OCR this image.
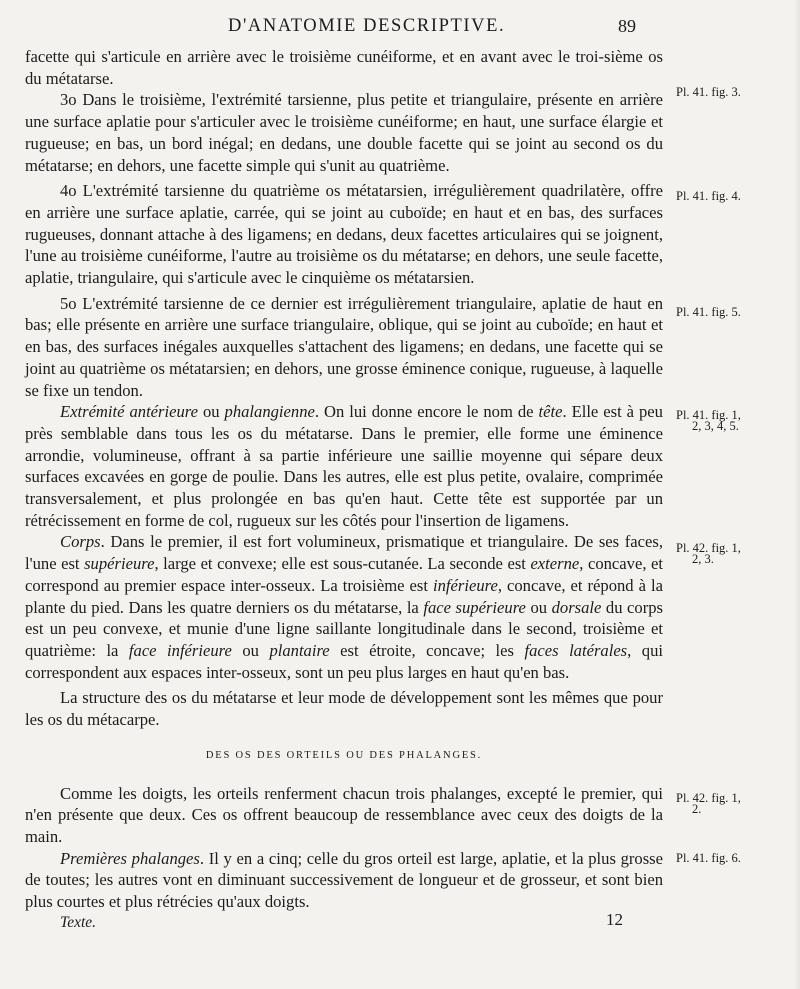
D'ANATOMIE DESCRIPTIVE.	89

facette qui s'articule en arrière avec le troisième cunéiforme, et en avant avec le troi-sième os du métatarse.

3o Dans le troisième, l'extrémité tarsienne, plus petite et triangulaire, présente en arrière une surface aplatie pour s'articuler avec le troisième cunéiforme; en haut, une surface élargie et rugueuse; en bas, un bord inégal; en dedans, une double facette qui se joint au second os du métatarse; en dehors, une facette simple qui s'unit au quatrième.

4o L'extrémité tarsienne du quatrième os métatarsien, irrégulièrement quadrilatère, offre en arrière une surface aplatie, carrée, qui se joint au cuboïde; en haut et en bas, des surfaces rugueuses, donnant attache à des ligamens; en dedans, deux facettes articulaires qui se joignent, l'une au troisième cunéiforme, l'autre au troisième os du métatarse; en dehors, une seule facette, aplatie, triangulaire, qui s'articule avec le cinquième os métatarsien.

5o L'extrémité tarsienne de ce dernier est irrégulièrement triangulaire, aplatie de haut en bas; elle présente en arrière une surface triangulaire, oblique, qui se joint au cuboïde; en haut et en bas, des surfaces inégales auxquelles s'attachent des ligamens; en dedans, une facette qui se joint au quatrième os métatarsien; en dehors, une grosse éminence conique, rugueuse, à laquelle se fixe un tendon.

Extrémité antérieure ou phalangienne. On lui donne encore le nom de tête. Elle est à peu près semblable dans tous les os du métatarse. Dans le premier, elle forme une éminence arrondie, volumineuse, offrant à sa partie inférieure une saillie moyenne qui sépare deux surfaces excavées en gorge de poulie. Dans les autres, elle est plus petite, ovalaire, comprimée transversalement, et plus prolongée en bas qu'en haut. Cette tête est supportée par un rétrécissement en forme de col, rugueux sur les côtés pour l'insertion de ligamens.

Corps. Dans le premier, il est fort volumineux, prismatique et triangulaire. De ses faces, l'une est supérieure, large et convexe; elle est sous-cutanée. La seconde est externe, concave, et correspond au premier espace inter-osseux. La troisième est inférieure, concave, et répond à la plante du pied. Dans les quatre derniers os du métatarse, la face supérieure ou dorsale du corps est un peu convexe, et munie d'une ligne saillante longitudinale dans le second, troisième et quatrième: la face inférieure ou plantaire est étroite, concave; les faces latérales, qui correspondent aux espaces inter-osseux, sont un peu plus larges en haut qu'en bas.

La structure des os du métatarse et leur mode de développement sont les mêmes que pour les os du métacarpe.

DES OS DES ORTEILS OU DES PHALANGES.

Comme les doigts, les orteils renferment chacun trois phalanges, excepté le premier, qui n'en présente que deux. Ces os offrent beaucoup de ressemblance avec ceux des doigts de la main.

Premières phalanges. Il y en a cinq; celle du gros orteil est large, aplatie, et la plus grosse de toutes; les autres vont en diminuant successivement de longueur et de grosseur, et sont bien plus courtes et plus rétrécies qu'aux doigts.

Pl. 41. fig. 3.
Pl. 41. fig. 4.
Pl. 41. fig. 5.
Pl. 41. fig. 1,
2, 3, 4, 5.
Pl. 42. fig. 1,
2, 3.
Pl. 42. fig. 1,
2.
Pl. 41. fig. 6.
Texte.	12
